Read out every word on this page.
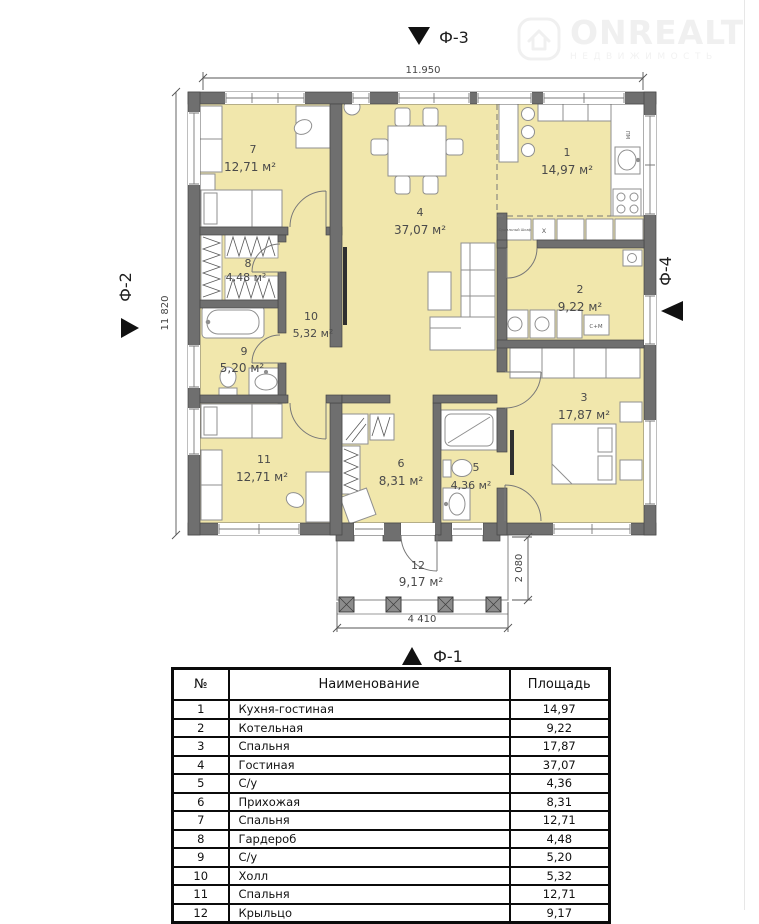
ONREALT
НЕДВИЖИМОСТЬ
1
14,97 м²
2
9,22 м²
3
17,87 м²
4
37,07 м²
5
4,36 м²
6
8,31 м²
7
12,71 м²
8
4,48 м²
9
5,20 м²
10
5,32 м²
11
12,71 м²
12
9,17 м²
ПМ
Сушильный Шкаф Х
С+М
11.950
11 820
4 410
2 080
Ф-3
Ф-1
Ф-2
Ф-4
№	Наименование	Площадь
1	Кухня-гостиная	14,97
2	Котельная	9,22
3	Спальня	17,87
4	Гостиная	37,07
5	С/у	4,36
6	Прихожая	8,31
7	Спальня	12,71
8	Гардероб	4,48
9	С/у	5,20
10	Холл	5,32
11	Спальня	12,71
12	Крыльцо	9,17
